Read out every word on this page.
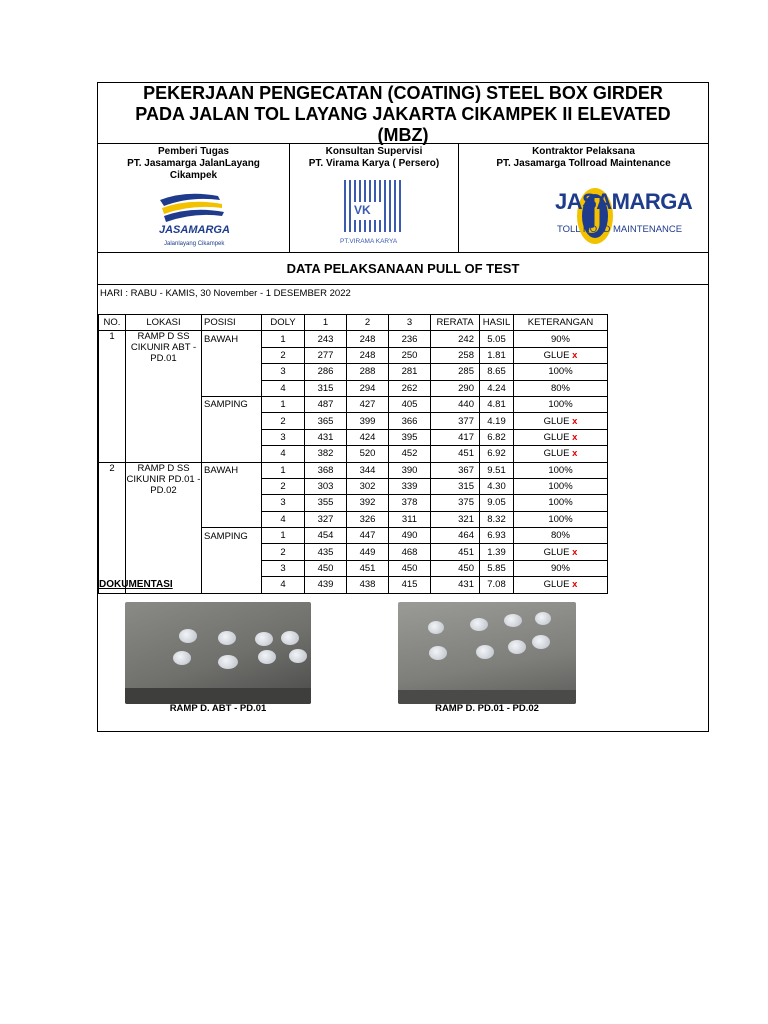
PEKERJAAN PENGECATAN (COATING) STEEL BOX GIRDER
PADA JALAN TOL LAYANG JAKARTA CIKAMPEK II ELEVATED
(MBZ)
Pemberi Tugas
PT. Jasamarga JalanLayang Cikampek
JASAMARGA
Jalanlayang Cikampek
Konsultan Supervisi
PT. Virama Karya ( Persero)
VK
PT.VIRAMA KARYA
Kontraktor Pelaksana
PT. Jasamarga Tollroad Maintenance
JASAMARGA
TOLL ROAD MAINTENANCE
DATA PELAKSANAAN PULL OF TEST
HARI : RABU - KAMIS, 30 November - 1 DESEMBER 2022
NO.	LOKASI	POSISI	DOLY	1	2	3	RERATA	HASIL	KETERANGAN
1	RAMP D SS CIKUNIR ABT - PD.01	BAWAH	1	243	248	236	242	5.05	90%
			2	277	248	250	258	1.81	GLUE x
			3	286	288	281	285	8.65	100%
			4	315	294	262	290	4.24	80%
		SAMPING	1	487	427	405	440	4.81	100%
			2	365	399	366	377	4.19	GLUE x
			3	431	424	395	417	6.82	GLUE x
			4	382	520	452	451	6.92	GLUE x
2	RAMP D SS CIKUNIR PD.01 - PD.02	BAWAH	1	368	344	390	367	9.51	100%
			2	303	302	339	315	4.30	100%
			3	355	392	378	375	9.05	100%
			4	327	326	311	321	8.32	100%
		SAMPING	1	454	447	490	464	6.93	80%
			2	435	449	468	451	1.39	GLUE x
			3	450	451	450	450	5.85	90%
			4	439	438	415	431	7.08	GLUE x
DOKUMENTASI
RAMP D. ABT - PD.01	RAMP D. PD.01 - PD.02
